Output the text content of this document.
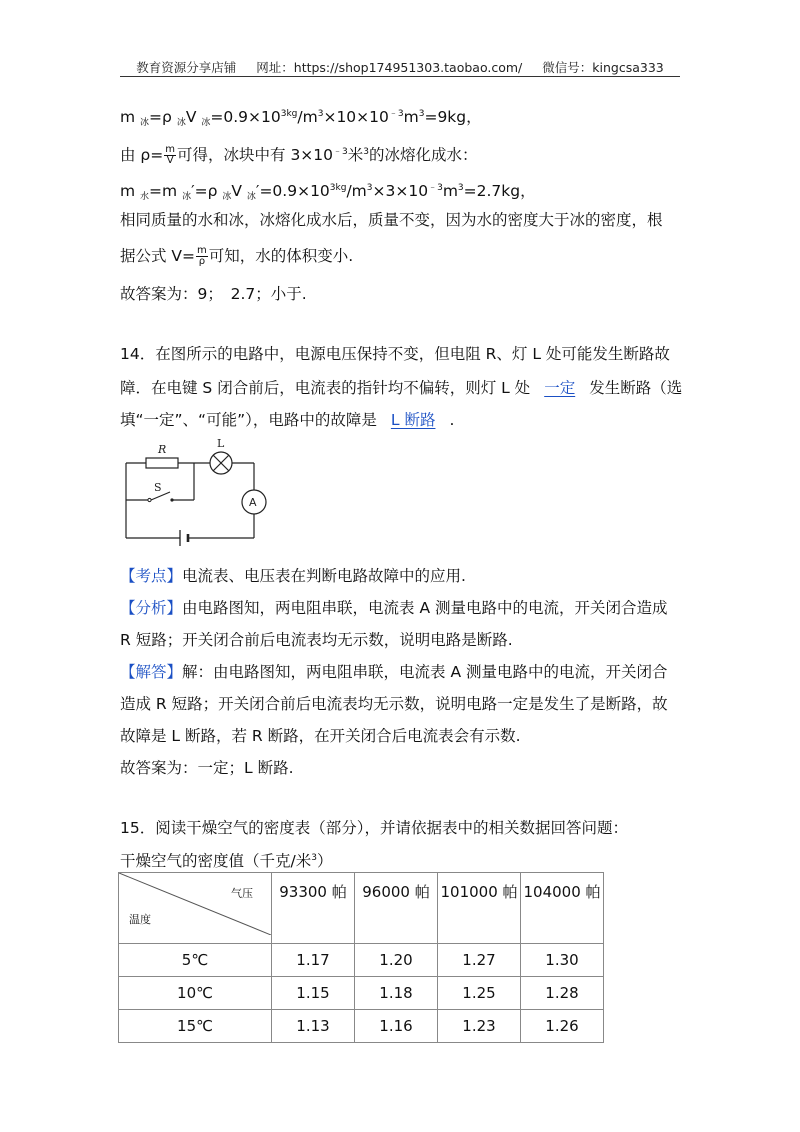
教育资源分享店铺 网址：https://shop174951303.taobao.com/ 微信号：kingcsa333
m $_冰$=ρ $_冰$V $_冰=0.9\times 10^{3kg}/m^3\times 10\times 10^{﹣3}m^3=9kg$，
由 $\rho= \frac{m}{V}$ 可得，冰块中有 $3\times 10^{﹣3}$米$^3$的冰熔化成水：
m $_水$=m $_冰$′=ρ $_冰$V $_冰'=0.9\times 10^{3kg}/m^3\times 3\times 10^{﹣3}m^3=2.7kg$，
相同质量的水和冰，冰熔化成水后，质量不变，因为水的密度大于冰的密度，根
据公式 $V= \frac{m}{\rho}$ 可知，水的体积变小.
故答案为：9；　2.7；小于.
14．在图所示的电路中，电源电压保持不变，但电阻 R、灯 L 处可能发生断路故
障．在电键 S 闭合前后，电流表的指针均不偏转，则灯 L 处 一定 发生断路（选
填“一定”、“可能”），电路中的故障是 L 断路 .
R	L
S
A
【考点】电流表、电压表在判断电路故障中的应用.
【分析】由电路图知，两电阻串联，电流表 A 测量电路中的电流，开关闭合造成
R 短路；开关闭合前后电流表均无示数，说明电路是断路.
【解答】解：由电路图知，两电阻串联，电流表 A 测量电路中的电流，开关闭合
造成 R 短路；开关闭合前后电流表均无示数，说明电路一定是发生了是断路，故
故障是 L 断路，若 R 断路，在开关闭合后电流表会有示数.
故答案为：一定；L 断路.
15．阅读干燥空气的密度表（部分），并请依据表中的相关数据回答问题：
干燥空气的密度值（千克/米$^3$）
气压
温度	93300 帕	96000 帕	101000 帕	104000 帕
5℃	1.17	1.20	1.27	1.30
10℃	1.15	1.18	1.25	1.28
15℃	1.13	1.16	1.23	1.26
